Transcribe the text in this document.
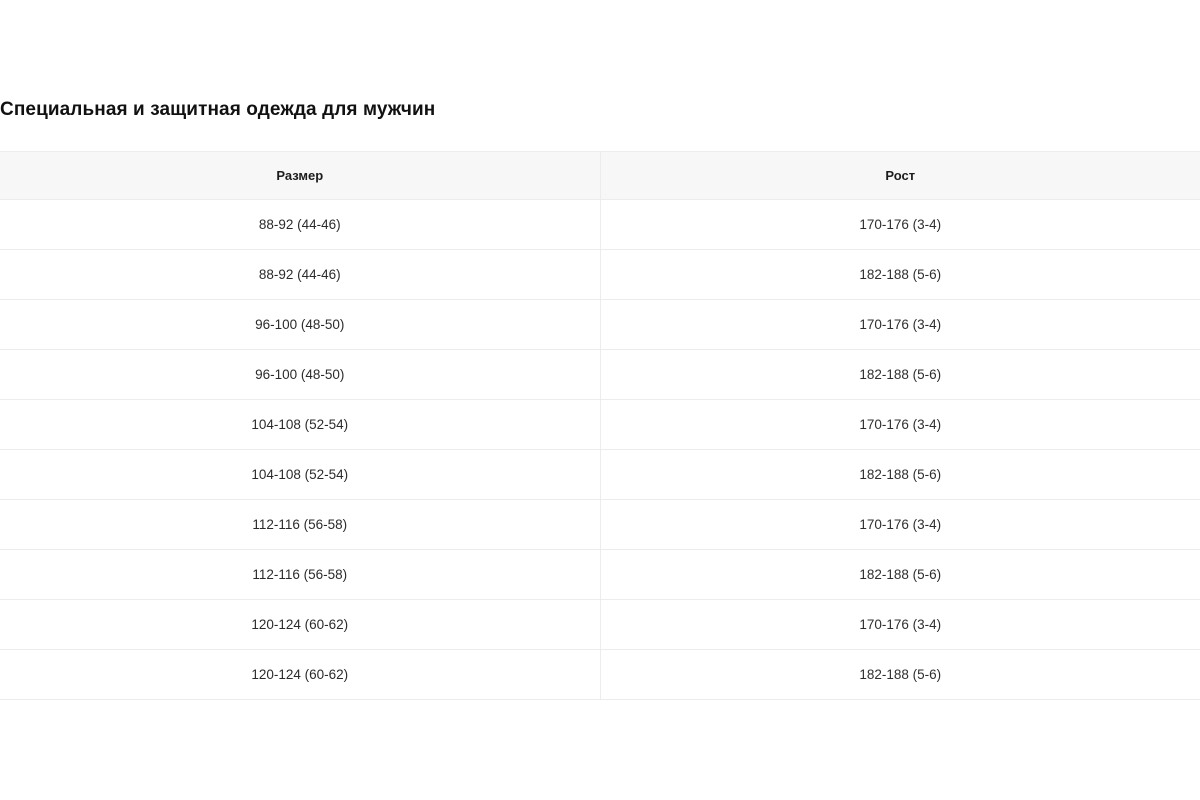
Специальная и защитная одежда для мужчин
Размер	Рост
88-92 (44-46)	170-176 (3-4)
88-92 (44-46)	182-188 (5-6)
96-100 (48-50)	170-176 (3-4)
96-100 (48-50)	182-188 (5-6)
104-108 (52-54)	170-176 (3-4)
104-108 (52-54)	182-188 (5-6)
112-116 (56-58)	170-176 (3-4)
112-116 (56-58)	182-188 (5-6)
120-124 (60-62)	170-176 (3-4)
120-124 (60-62)	182-188 (5-6)
